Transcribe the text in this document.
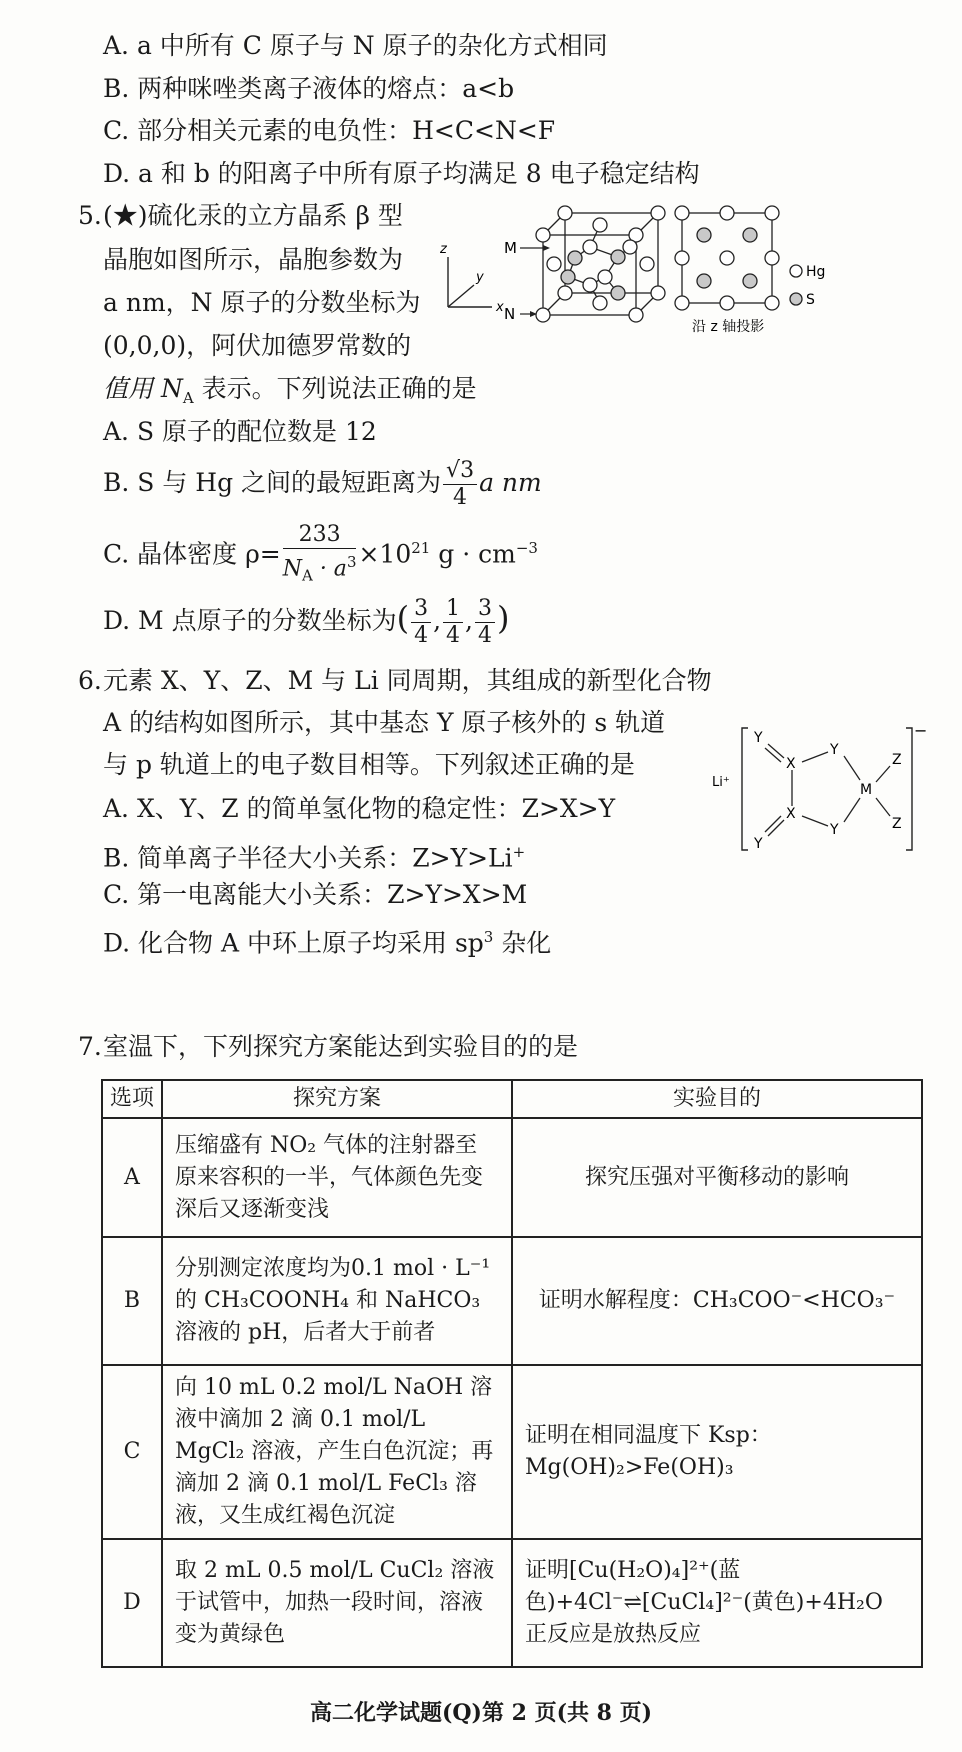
A. a 中所有 C 原子与 N 原子的杂化方式相同
B. 两种咪唑类离子液体的熔点：a<b
C. 部分相关元素的电负性：H<C<N<F
D. a 和 b 的阳离子中所有原子均满足 8 电子稳定结构
5. (★)硫化汞的立方晶系 β 型
晶胞如图所示，晶胞参数为
a nm，N 原子的分数坐标为
(0,0,0)，阿伏加德罗常数的
值用 $N_A$ 表示。下列说法正确的是
z
y
x
M
N
沿 z 轴投影
Hg
S
A. S 原子的配位数是 12
B. S 与 Hg 之间的最短距离为 $\frac{√3}{4}$ a nm
C. 晶体密度 $\rho= \frac{233}{N_A \cdot a^3} \times 10^{21}$ $g \cdot cm^{-3}$
D. M 点原子的分数坐标为( $\frac{3}{4}$ , $\frac{1}{4}$ , $\frac{3}{4}$ )
6. 元素 X、Y、Z、M 与 Li 同周期，其组成的新型化合物
A 的结构如图所示，其中基态 Y 原子核外的 s 轨道
与 p 轨道上的电子数目相等。下列叙述正确的是
Li⁺
−
Y
X
Y
Z
M
X
Y	Z
Y
A. X、Y、Z 的简单氢化物的稳定性：Z>X>Y
B. 简单离子半径大小关系：Z>Y>Li+
C. 第一电离能大小关系：Z>Y>X>M
D. 化合物 A 中环上原子均采用 $sp^3$ 杂化
7. 室温下，下列探究方案能达到实验目的的是
选项	探究方案	实验目的
A	压缩盛有 NO₂ 气体的注射器至原来容积的一半，气体颜色先变深后又逐渐变浅	探究压强对平衡移动的影响
B	分别测定浓度均为0.1 mol · L⁻¹的 CH₃COONH₄ 和 NaHCO₃ 溶液的 pH，后者大于前者	证明水解程度：CH₃COO⁻<HCO₃⁻
C	向 10 mL 0.2 mol/L NaOH 溶液中滴加 2 滴 0.1 mol/L MgCl₂ 溶液，产生白色沉淀；再滴加 2 滴 0.1 mol/L FeCl₃ 溶液，又生成红褐色沉淀	证明在相同温度下 Ksp：Mg(OH)₂>Fe(OH)₃
D	取 2 mL 0.5 mol/L CuCl₂ 溶液于试管中，加热一段时间，溶液变为黄绿色	证明[Cu(H₂O)₄]²⁺(蓝色)+4Cl⁻⇌[CuCl₄]²⁻(黄色)+4H₂O 正反应是放热反应
高二化学试题(Q)第 2 页(共 8 页)
